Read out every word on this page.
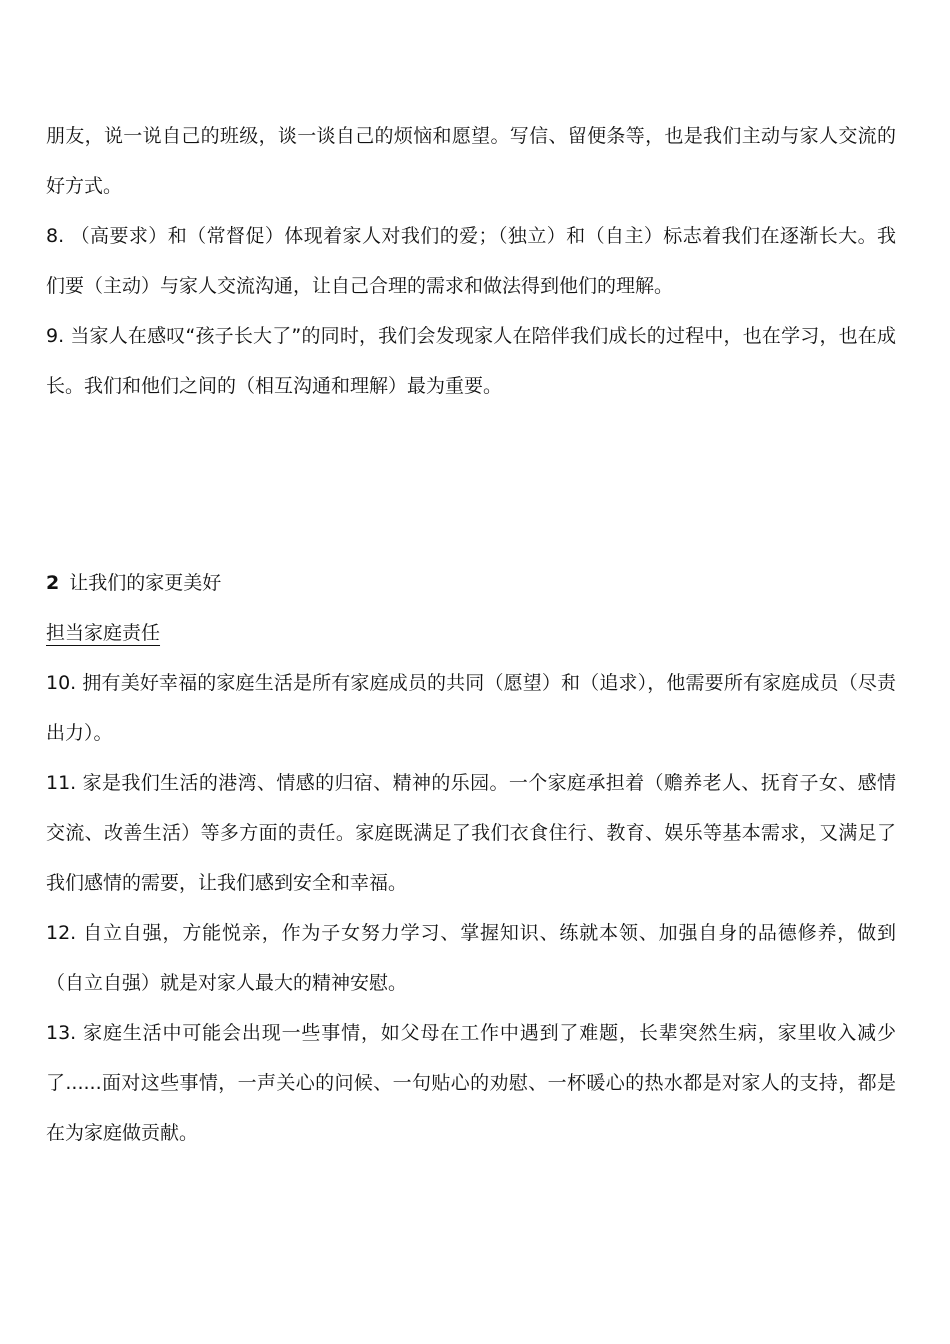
朋友，说一说自己的班级，谈一谈自己的烦恼和愿望。写信、留便条等，也是我们主动与家人交流的好方式。

8. （高要求）和（常督促）体现着家人对我们的爱；（独立）和（自主）标志着我们在逐渐长大。我们要（主动）与家人交流沟通，让自己合理的需求和做法得到他们的理解。

9. 当家人在感叹“孩子长大了”的同时，我们会发现家人在陪伴我们成长的过程中，也在学习，也在成长。我们和他们之间的（相互沟通和理解）最为重要。

2 让我们的家更美好

担当家庭责任

10. 拥有美好幸福的家庭生活是所有家庭成员的共同（愿望）和（追求），他需要所有家庭成员（尽责出力）。

11. 家是我们生活的港湾、情感的归宿、精神的乐园。一个家庭承担着（赡养老人、抚育子女、感情交流、改善生活）等多方面的责任。家庭既满足了我们衣食住行、教育、娱乐等基本需求，又满足了我们感情的需要，让我们感到安全和幸福。

12. 自立自强，方能悦亲，作为子女努力学习、掌握知识、练就本领、加强自身的品德修养，做到（自立自强）就是对家人最大的精神安慰。

13. 家庭生活中可能会出现一些事情，如父母在工作中遇到了难题，长辈突然生病，家里收入减少了......面对这些事情，一声关心的问候、一句贴心的劝慰、一杯暖心的热水都是对家人的支持，都是在为家庭做贡献。
